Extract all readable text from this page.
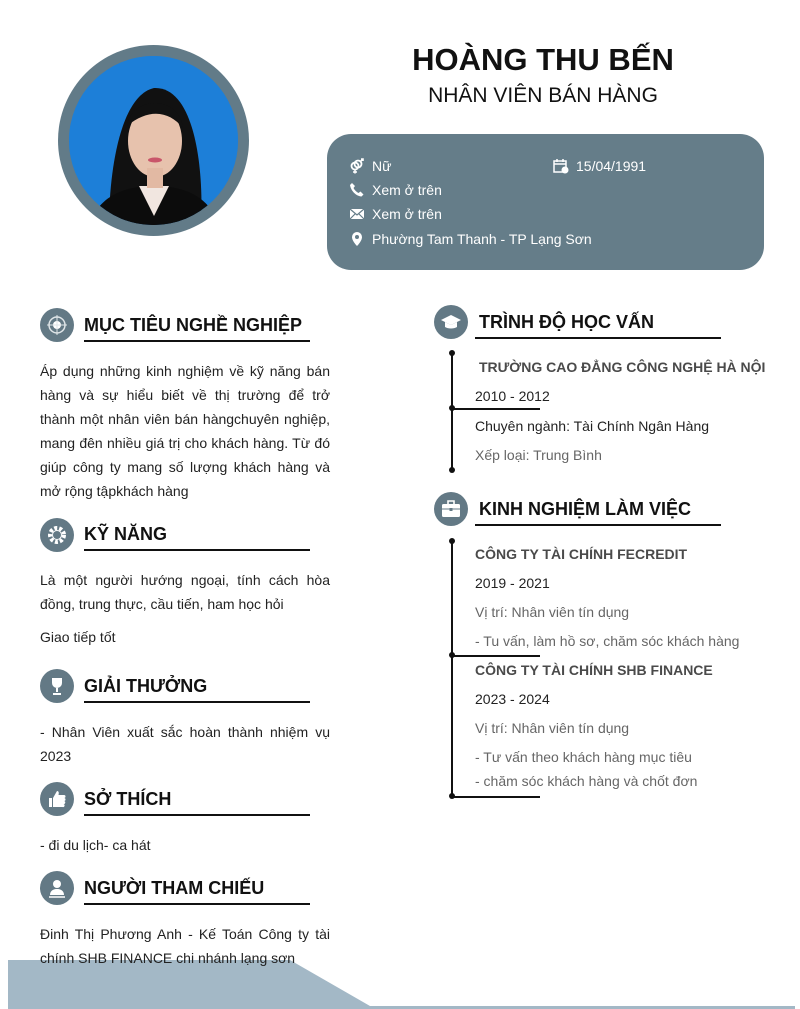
HOÀNG THU BẾN
NHÂN VIÊN BÁN HÀNG
Nữ	15/04/1991
Xem ở trên
Xem ở trên
Phường Tam Thanh - TP Lạng Sơn
MỤC TIÊU NGHỀ NGHIỆP
Áp dụng những kinh nghiệm về kỹ năng bán hàng và sự hiểu biết về thị trường để trở thành một nhân viên bán hàngchuyên nghiệp, mang đên nhiều giá trị cho khách hàng. Từ đó giúp công ty mang số lượng khách hàng và mở rộng tậpkhách hàng
KỸ NĂNG
Là một người hướng ngoại, tính cách hòa đồng, trung thực, cầu tiến, ham học hỏi
Giao tiếp tốt
GIẢI THƯỞNG
- Nhân Viên xuất sắc hoàn thành nhiệm vụ 2023
SỞ THÍCH
- đi du lịch- ca hát
NGƯỜI THAM CHIẾU
Đinh Thị Phương Anh - Kế Toán Công ty tài chính SHB FINANCE chi nhánh lạng sơn
TRÌNH ĐỘ HỌC VẤN
TRƯỜNG CAO ĐẲNG CÔNG NGHỆ HÀ NỘI
2010 - 2012
Chuyên ngành: Tài Chính Ngân Hàng
Xếp loại: Trung Bình
KINH NGHIỆM LÀM VIỆC
CÔNG TY TÀI CHÍNH FECREDIT
2019 - 2021
Vị trí: Nhân viên tín dụng
- Tu vấn, làm hồ sơ, chăm sóc khách hàng
CÔNG TY TÀI CHÍNH SHB FINANCE
2023 - 2024
Vị trí: Nhân viên tín dụng
- Tư vấn theo khách hàng mục tiêu
- chăm sóc khách hàng và chốt đơn
